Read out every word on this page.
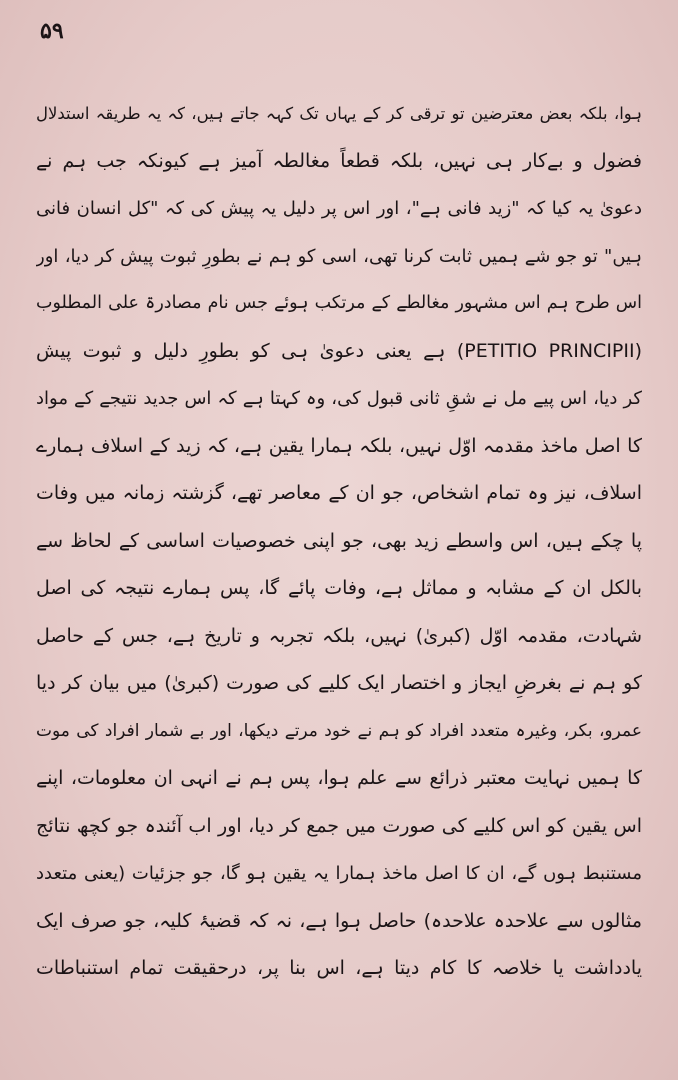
۵۹
ہوا، بلکہ بعض معترضین تو ترقی کر کے یہاں تک کہہ جاتے ہیں، کہ یہ طریقہ استدلال
فضول و بےکار ہی نہیں، بلکہ قطعاً مغالطہ آمیز ہے کیونکہ جب ہم نے
دعویٰ یہ کیا کہ "زید فانی ہے"، اور اس پر دلیل یہ پیش کی کہ "کل انسان فانی
ہیں" تو جو شے ہمیں ثابت کرنا تھی، اسی کو ہم نے بطورِ ثبوت پیش کر دیا، اور
اس طرح ہم اس مشہور مغالطے کے مرتکب ہوئے جس نام مصادرۃ علی المطلوب
(PETITIO PRINCIPII) ہے یعنی دعویٰ ہی کو بطورِ دلیل و ثبوت پیش
کر دیا، اس پیے مل نے شقِ ثانی قبول کی، وہ کہتا ہے کہ اس جدید نتیجے کے مواد
کا اصل ماخذ مقدمہ اوّل نہیں، بلکہ ہمارا یقین ہے، کہ زید کے اسلاف ہمارے
اسلاف، نیز وہ تمام اشخاص، جو ان کے معاصر تھے، گزشتہ زمانہ میں وفات
پا چکے ہیں، اس واسطے زید بھی، جو اپنی خصوصیات اساسی کے لحاظ سے
بالکل ان کے مشابہ و مماثل ہے، وفات پائے گا، پس ہمارے نتیجہ کی اصل
شہادت، مقدمہ اوّل (کبریٰ) نہیں، بلکہ تجربہ و تاریخ ہے، جس کے حاصل
کو ہم نے بغرضِ ایجاز و اختصار ایک کلیے کی صورت (کبریٰ) میں بیان کر دیا
عمرو، بکر، وغیرہ متعدد افراد کو ہم نے خود مرتے دیکھا، اور بے شمار افراد کی موت
کا ہمیں نہایت معتبر ذرائع سے علم ہوا، پس ہم نے انہی ان معلومات، اپنے
اس یقین کو اس کلیے کی صورت میں جمع کر دیا، اور اب آئندہ جو کچھ نتائج
مستنبط ہوں گے، ان کا اصل ماخذ ہمارا یہ یقین ہو گا، جو جزئیات (یعنی متعدد
مثالوں سے علاحدہ علاحدہ) حاصل ہوا ہے، نہ کہ قضیۂ کلیہ، جو صرف ایک
یادداشت یا خلاصہ کا کام دیتا ہے، اس بنا پر، درحقیقت تمام استنباطات
